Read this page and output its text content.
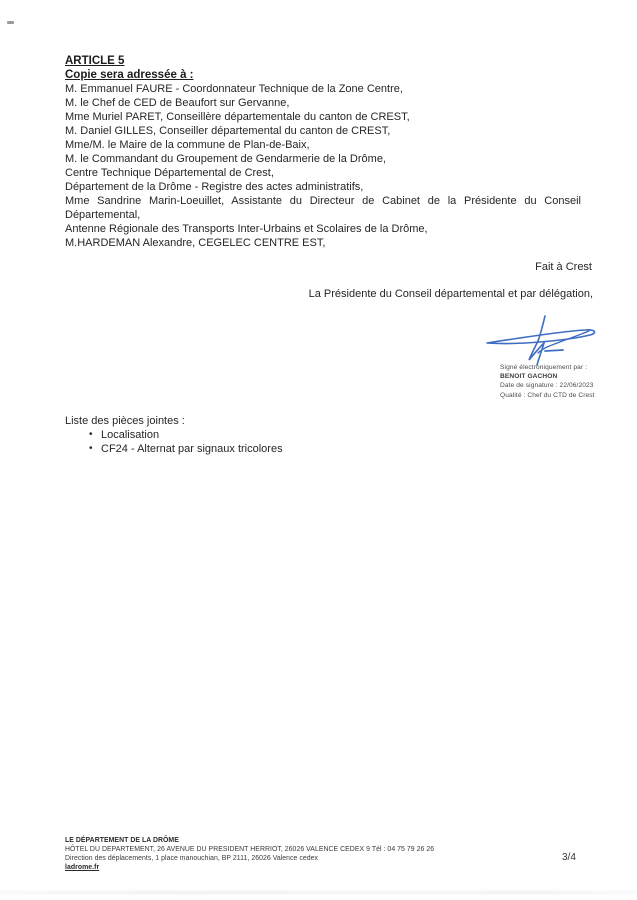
ARTICLE 5

Copie sera adressée à :

M. Emmanuel FAURE - Coordonnateur Technique de la Zone Centre,

M. le Chef de CED de Beaufort sur Gervanne,

Mme Muriel PARET, Conseillère départementale du canton de CREST,

M. Daniel GILLES, Conseiller départemental du canton de CREST,

Mme/M. le Maire de la commune de Plan-de-Baix,

M. le Commandant du Groupement de Gendarmerie de la Drôme,

Centre Technique Départemental de Crest,

Département de la Drôme - Registre des actes administratifs,

Mme Sandrine Marin-Loeuillet, Assistante du Directeur de Cabinet de la Présidente du Conseil Départemental,

Antenne Régionale des Transports Inter-Urbains et Scolaires de la Drôme,

M.HARDEMAN Alexandre, CEGELEC CENTRE EST,

Fait à Crest
La Présidente du Conseil départemental et par délégation,
Signé électroniquement par :
BENOIT GACHON
Date de signature : 22/06/2023
Qualité : Chef du CTD de Crest
Liste des pièces jointes :
• Localisation
• CF24 - Alternat par signaux tricolores
LE DÉPARTEMENT DE LA DRÔME
HÔTEL DU DEPARTEMENT, 26 AVENUE DU PRESIDENT HERRIOT, 26026 VALENCE CEDEX 9 Tél : 04 75 79 26 26
Direction des déplacements, 1 place manouchian, BP 2111, 26026 Valence cedex
ladrome.fr
3/4
